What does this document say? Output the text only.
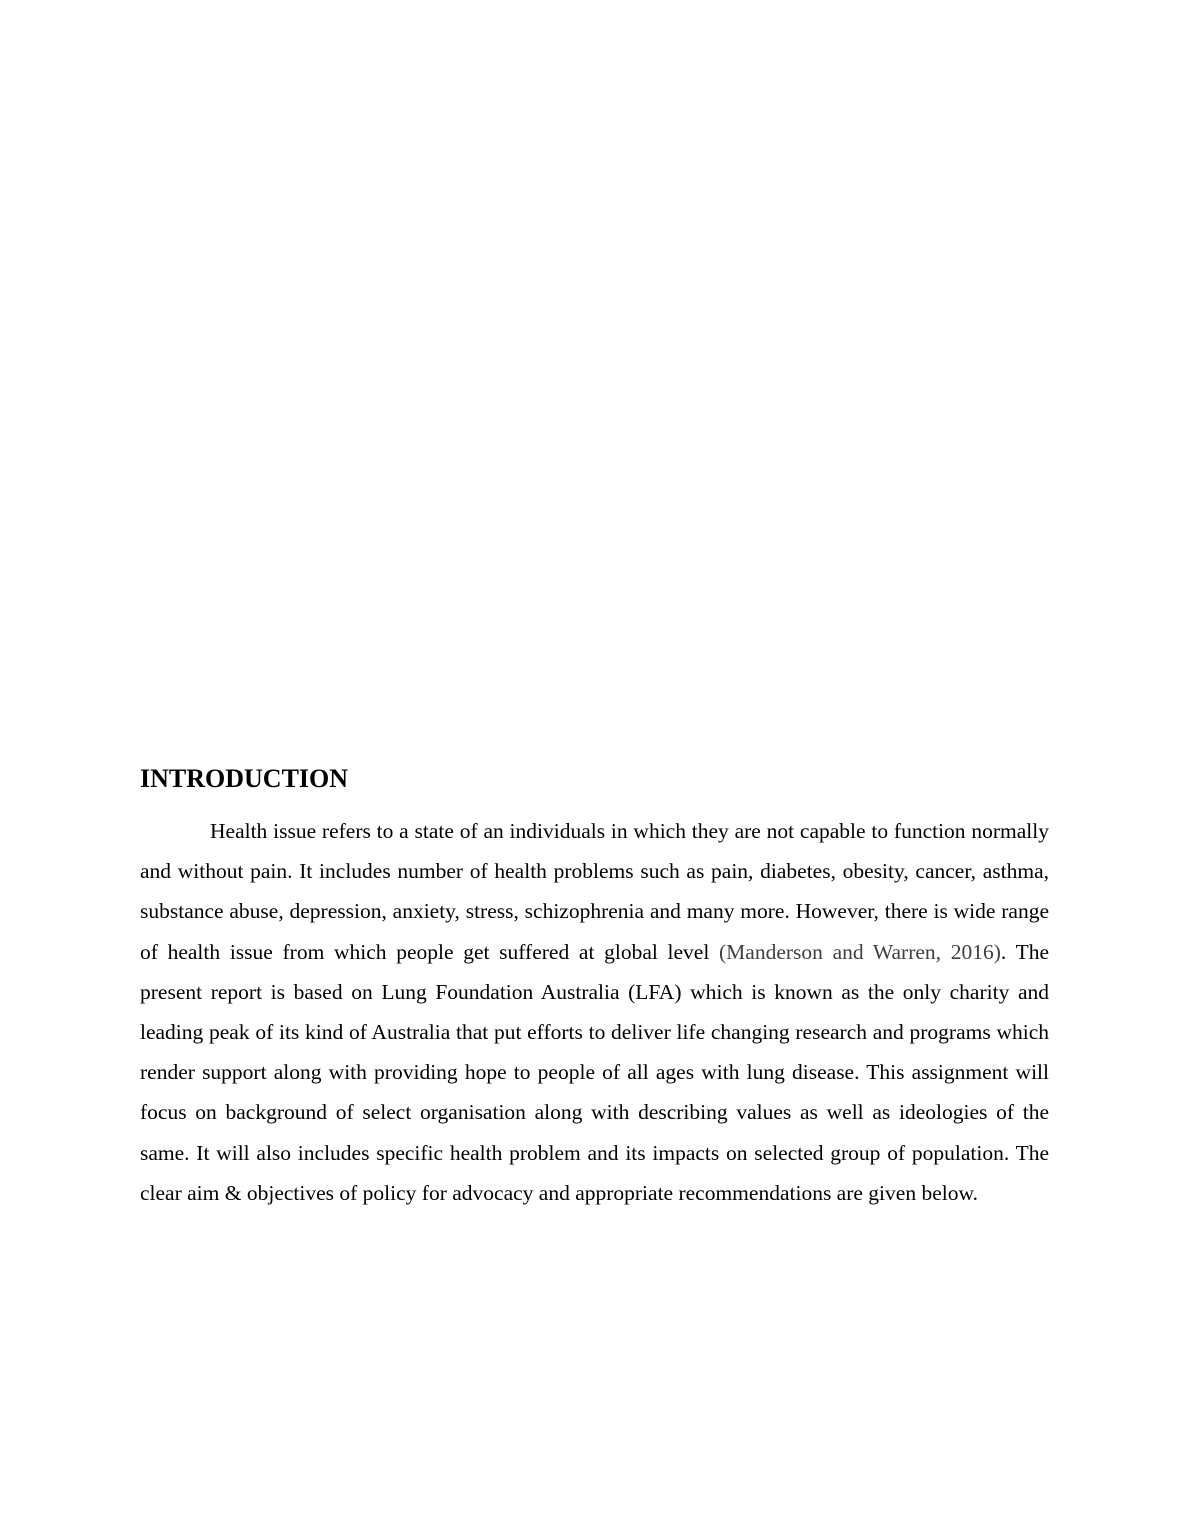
INTRODUCTION

Health issue refers to a state of an individuals in which they are not capable to function normally and without pain. It includes number of health problems such as pain, diabetes, obesity, cancer, asthma, substance abuse, depression, anxiety, stress, schizophrenia and many more. However, there is wide range of health issue from which people get suffered at global level (Manderson and Warren, 2016). The present report is based on Lung Foundation Australia (LFA) which is known as the only charity and leading peak of its kind of Australia that put efforts to deliver life changing research and programs which render support along with providing hope to people of all ages with lung disease. This assignment will focus on background of select organisation along with describing values as well as ideologies of the same. It will also includes specific health problem and its impacts on selected group of population. The clear aim & objectives of policy for advocacy and appropriate recommendations are given below.
